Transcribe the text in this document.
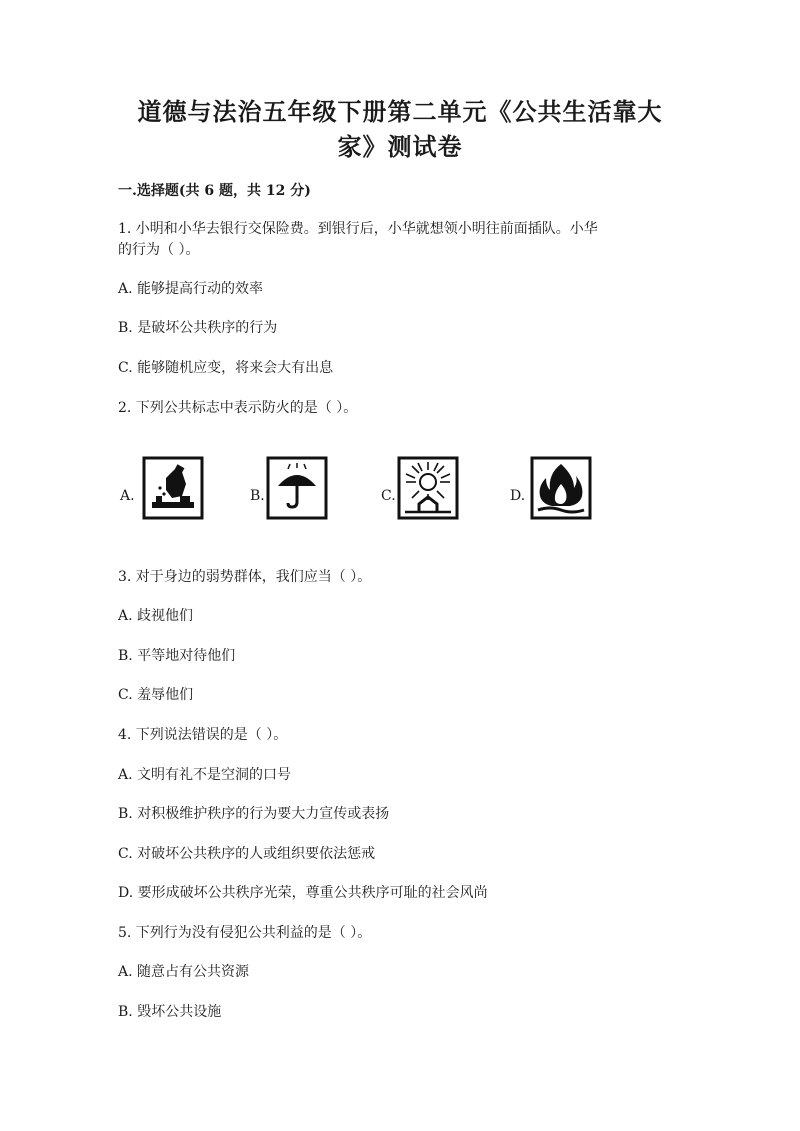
道德与法治五年级下册第二单元《公共生活靠大
家》测试卷
一.选择题(共 6 题，共 12 分)
1. 小明和小华去银行交保险费。到银行后，小华就想领小明往前面插队。小华
的行为（ ）。
A. 能够提高行动的效率
B. 是破坏公共秩序的行为
C. 能够随机应变，将来会大有出息
2. 下列公共标志中表示防火的是（ ）。
A.	B.	C.	D.
3. 对于身边的弱势群体，我们应当（ ）。
A. 歧视他们
B. 平等地对待他们
C. 羞辱他们
4. 下列说法错误的是（ ）。
A. 文明有礼不是空洞的口号
B. 对积极维护秩序的行为要大力宣传或表扬
C. 对破坏公共秩序的人或组织要依法惩戒
D. 要形成破坏公共秩序光荣，尊重公共秩序可耻的社会风尚
5. 下列行为没有侵犯公共利益的是（ ）。
A. 随意占有公共资源
B. 毁坏公共设施
